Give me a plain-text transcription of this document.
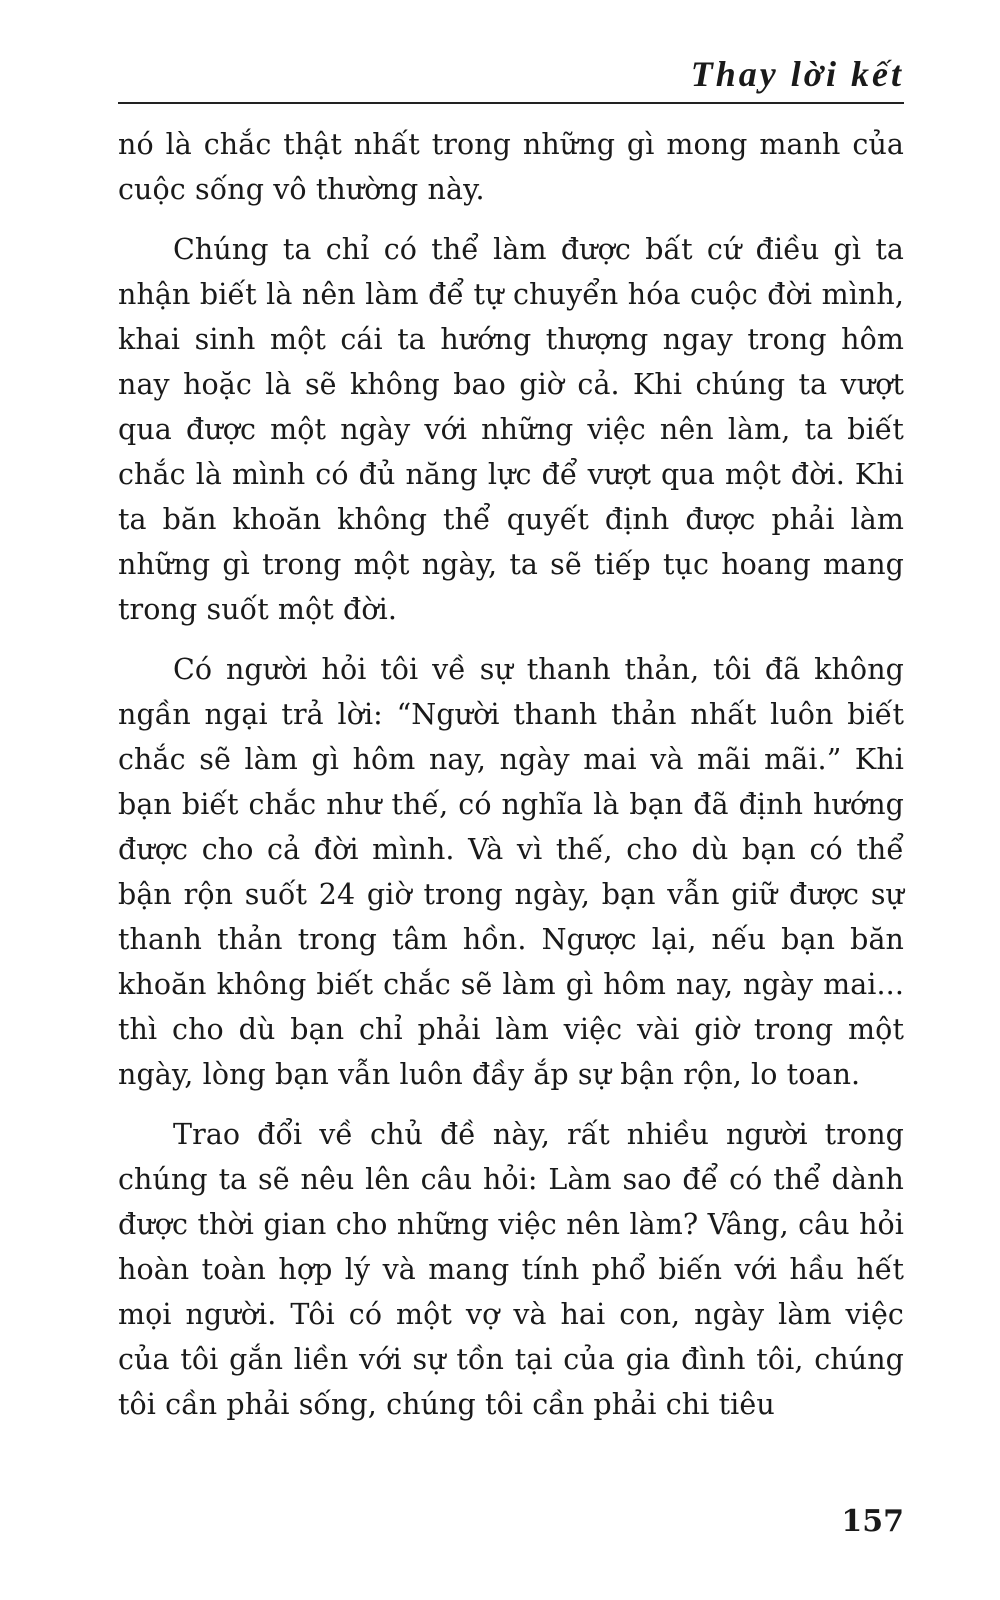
Thay lời kết

nó là chắc thật nhất trong những gì mong manh của cuộc sống vô thường này.

Chúng ta chỉ có thể làm được bất cứ điều gì ta nhận biết là nên làm để tự chuyển hóa cuộc đời mình, khai sinh một cái ta hướng thượng ngay trong hôm nay hoặc là sẽ không bao giờ cả. Khi chúng ta vượt qua được một ngày với những việc nên làm, ta biết chắc là mình có đủ năng lực để vượt qua một đời. Khi ta băn khoăn không thể quyết định được phải làm những gì trong một ngày, ta sẽ tiếp tục hoang mang trong suốt một đời.

Có người hỏi tôi về sự thanh thản, tôi đã không ngần ngại trả lời: “Người thanh thản nhất luôn biết chắc sẽ làm gì hôm nay, ngày mai và mãi mãi.” Khi bạn biết chắc như thế, có nghĩa là bạn đã định hướng được cho cả đời mình. Và vì thế, cho dù bạn có thể bận rộn suốt 24 giờ trong ngày, bạn vẫn giữ được sự thanh thản trong tâm hồn. Ngược lại, nếu bạn băn khoăn không biết chắc sẽ làm gì hôm nay, ngày mai... thì cho dù bạn chỉ phải làm việc vài giờ trong một ngày, lòng bạn vẫn luôn đầy ắp sự bận rộn, lo toan.

Trao đổi về chủ đề này, rất nhiều người trong chúng ta sẽ nêu lên câu hỏi: Làm sao để có thể dành được thời gian cho những việc nên làm? Vâng, câu hỏi hoàn toàn hợp lý và mang tính phổ biến với hầu hết mọi người. Tôi có một vợ và hai con, ngày làm việc của tôi gắn liền với sự tồn tại của gia đình tôi, chúng tôi cần phải sống, chúng tôi cần phải chi tiêu

157
